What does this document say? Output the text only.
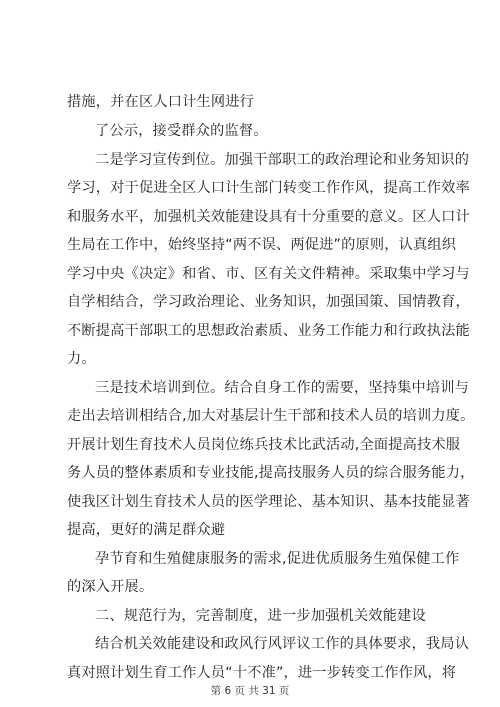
措施，并在区人口计生网进行
了公示，接受群众的监督。
二是学习宣传到位。加强干部职工的政治理论和业务知识的
学习，对于促进全区人口计生部门转变工作作风，提高工作效率
和服务水平，加强机关效能建设具有十分重要的意义。区人口计
生局在工作中，始终坚持“两不误、两促进”的原则，认真组织
学习中央《决定》和省、市、区有关文件精神。采取集中学习与
自学相结合，学习政治理论、业务知识，加强国策、国情教育，
不断提高干部职工的思想政治素质、业务工作能力和行政执法能
力。
三是技术培训到位。结合自身工作的需要，坚持集中培训与
走出去培训相结合,加大对基层计生干部和技术人员的培训力度。
开展计划生育技术人员岗位练兵技术比武活动,全面提高技术服
务人员的整体素质和专业技能,提高技服务人员的综合服务能力，
使我区计划生育技术人员的医学理论、基本知识、基本技能显著
提高，更好的满足群众避
孕节育和生殖健康服务的需求,促进优质服务生殖保健工作
的深入开展。
二、规范行为，完善制度，进一步加强机关效能建设
结合机关效能建设和政风行风评议工作的具体要求，我局认
真对照计划生育工作人员“十不准”，进一步转变工作作风，将
第 6 页 共 31 页
